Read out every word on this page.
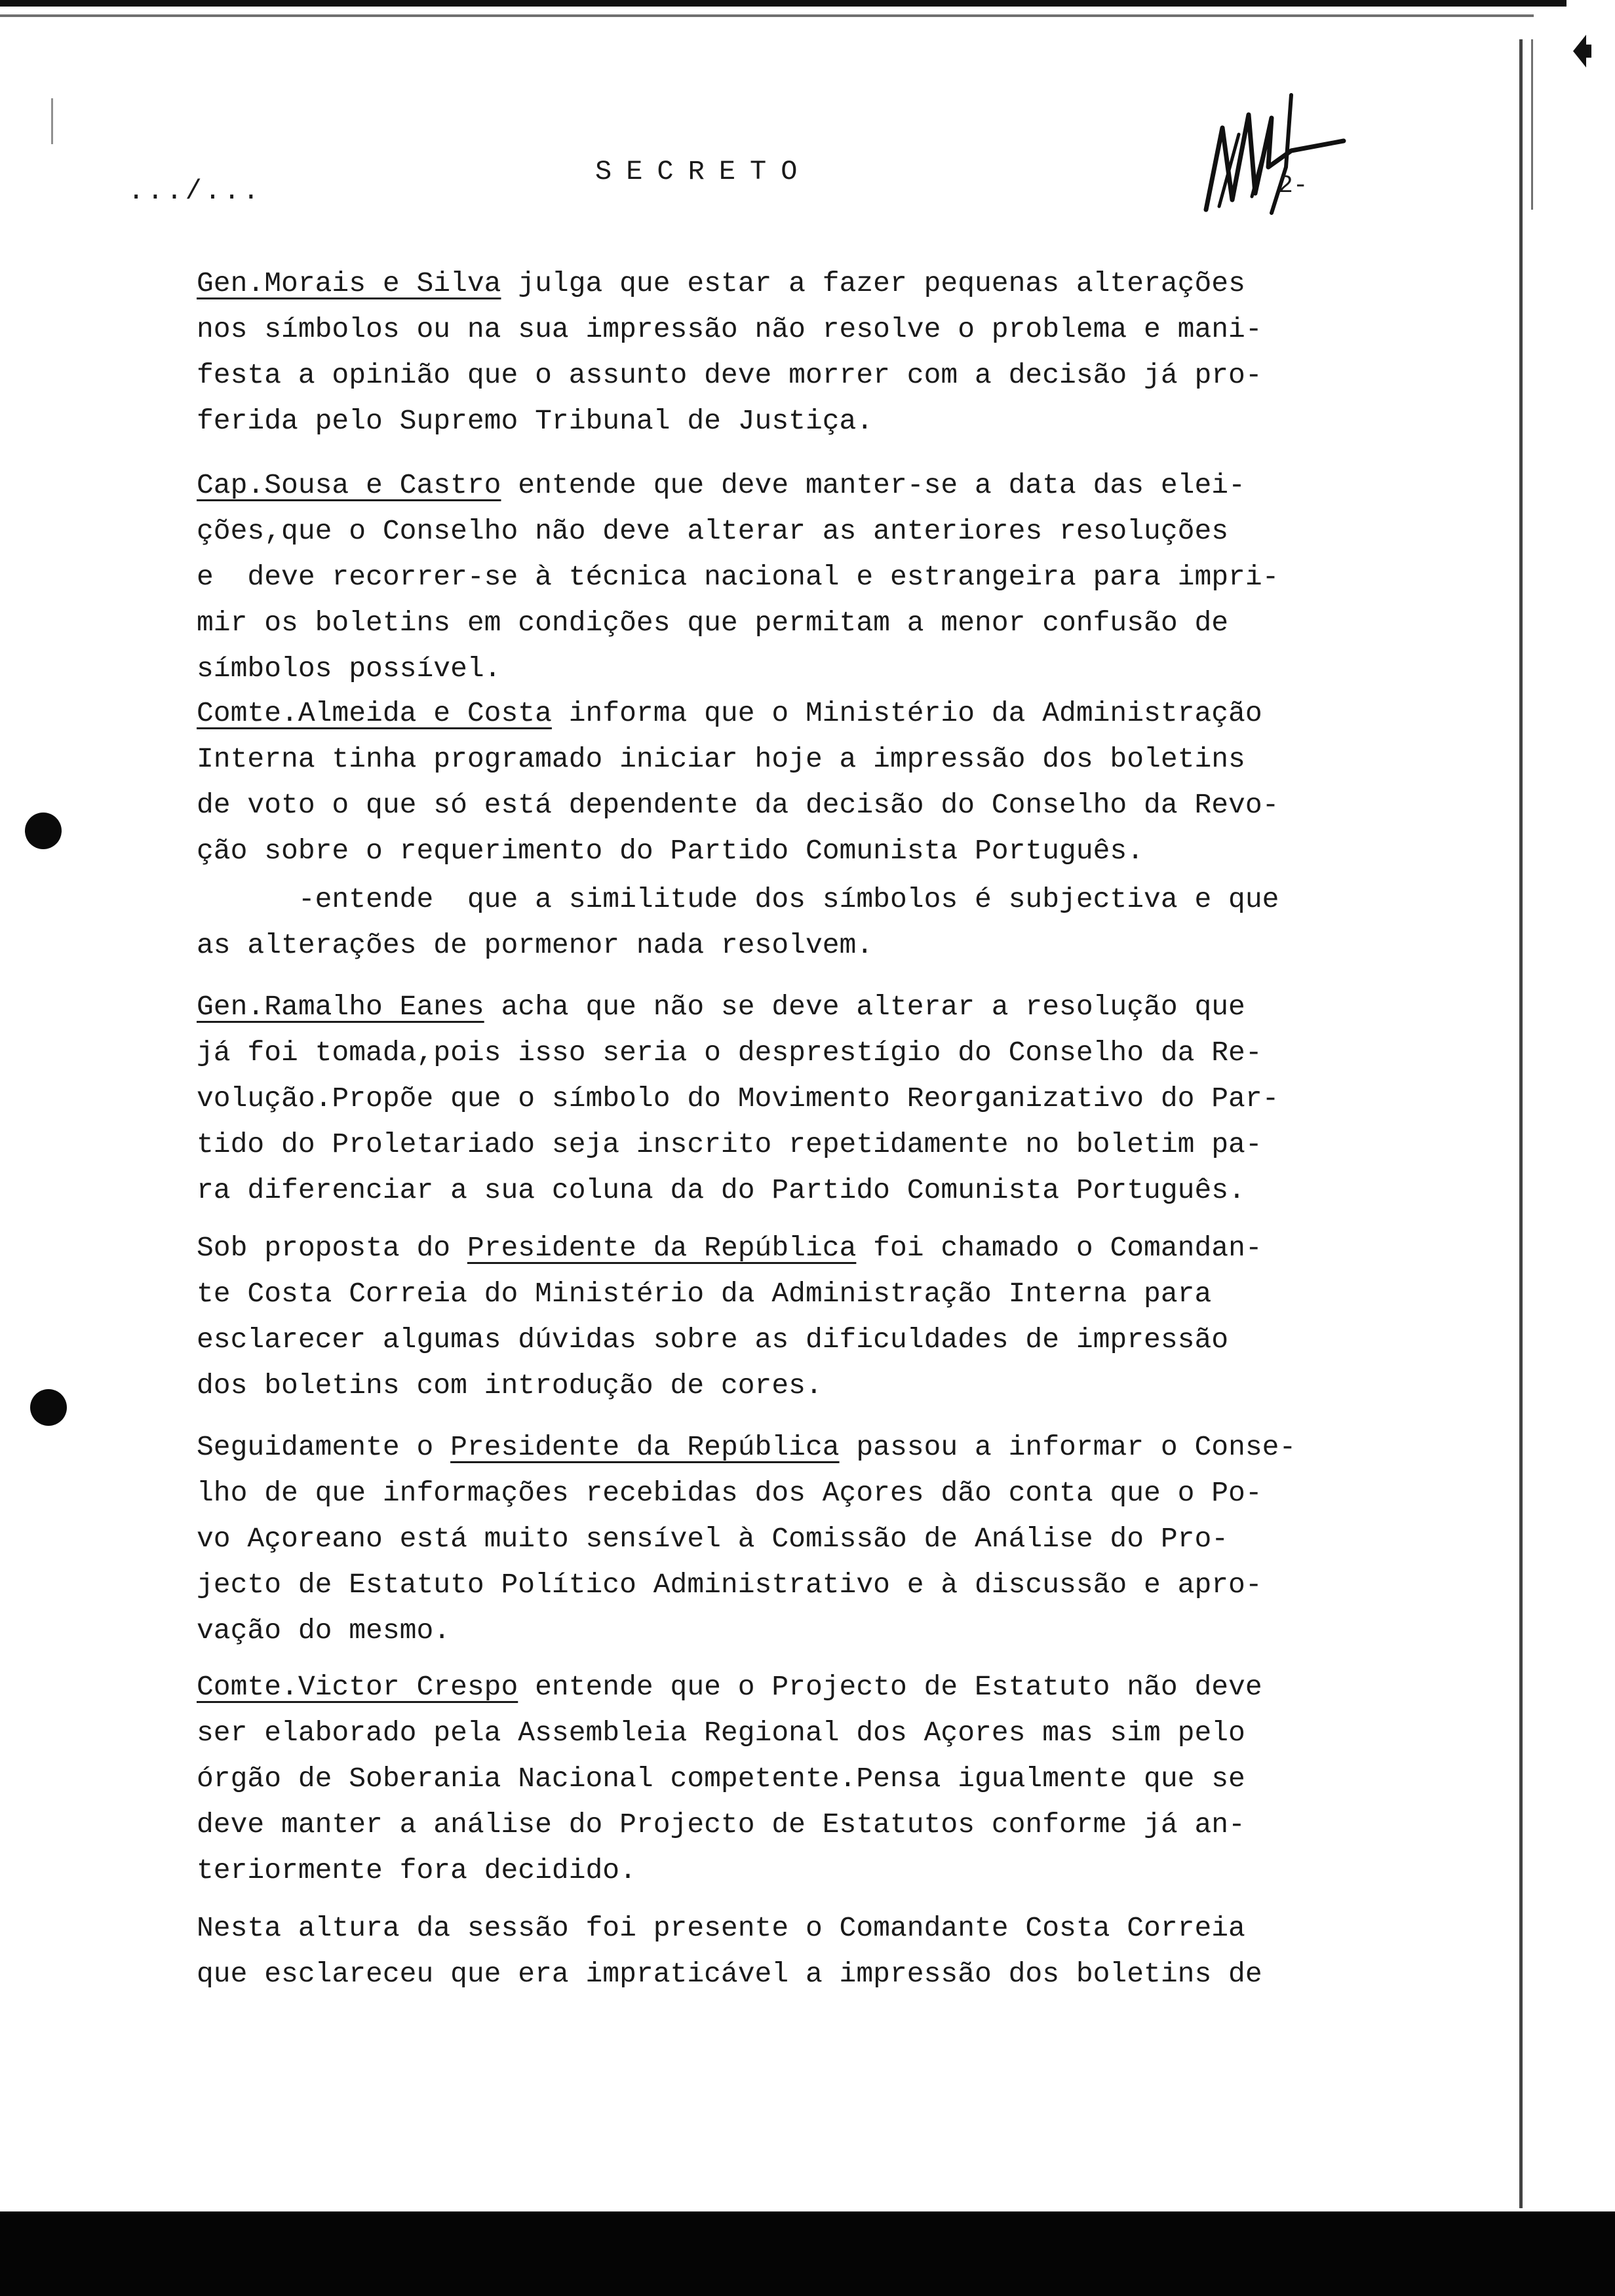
.../...
SECRETO	2-
Gen.Morais e Silva julga que estar a fazer pequenas alterações
nos símbolos ou na sua impressão não resolve o problema e mani-
festa a opinião que o assunto deve morrer com a decisão já pro-
ferida pelo Supremo Tribunal de Justiça.
Cap.Sousa e Castro entende que deve manter-se a data das elei-
ções,que o Conselho não deve alterar as anteriores resoluções
e  deve recorrer-se à técnica nacional e estrangeira para impri-
mir os boletins em condições que permitam a menor confusão de
símbolos possível.
Comte.Almeida e Costa informa que o Ministério da Administração
Interna tinha programado iniciar hoje a impressão dos boletins
de voto o que só está dependente da decisão do Conselho da Revo-
ção sobre o requerimento do Partido Comunista Português.
-entende  que a similitude dos símbolos é subjectiva e que
as alterações de pormenor nada resolvem.
Gen.Ramalho Eanes acha que não se deve alterar a resolução que
já foi tomada,pois isso seria o desprestígio do Conselho da Re-
volução.Propõe que o símbolo do Movimento Reorganizativo do Par-
tido do Proletariado seja inscrito repetidamente no boletim pa-
ra diferenciar a sua coluna da do Partido Comunista Português.
Sob proposta do Presidente da República foi chamado o Comandan-
te Costa Correia do Ministério da Administração Interna para
esclarecer algumas dúvidas sobre as dificuldades de impressão
dos boletins com introdução de cores.
Seguidamente o Presidente da República passou a informar o Conse-
lho de que informações recebidas dos Açores dão conta que o Po-
vo Açoreano está muito sensível à Comissão de Análise do Pro-
jecto de Estatuto Político Administrativo e à discussão e apro-
vação do mesmo.
Comte.Victor Crespo entende que o Projecto de Estatuto não deve
ser elaborado pela Assembleia Regional dos Açores mas sim pelo
órgão de Soberania Nacional competente.Pensa igualmente que se
deve manter a análise do Projecto de Estatutos conforme já an-
teriormente fora decidido.
Nesta altura da sessão foi presente o Comandante Costa Correia
que esclareceu que era impraticável a impressão dos boletins de
